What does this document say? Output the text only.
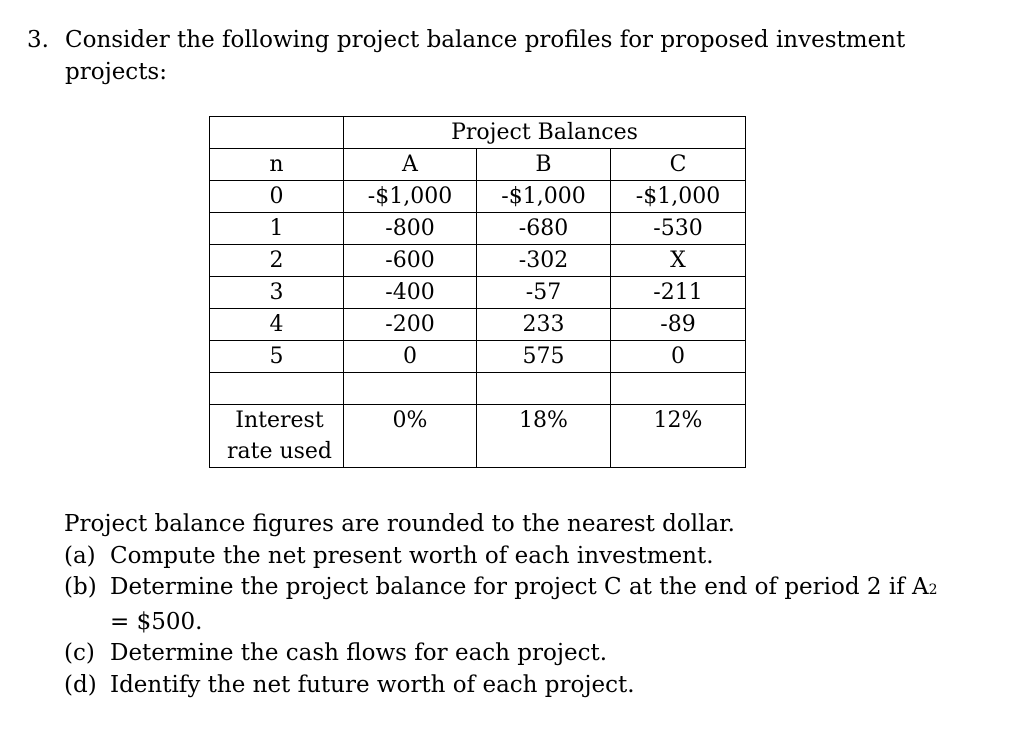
3. Consider the following project balance profiles for proposed investment projects:
	Project Balances		
n	A	B	C
0	-$1,000	-$1,000	-$1,000
1	-800	-680	-530
2	-600	-302	X
3	-400	-57	-211
4	-200	233	-89
5	0	575	0

Interest
rate used	0%	18%	12%
Project balance figures are rounded to the nearest dollar.
(a) Compute the net present worth of each investment.
(b) Determine the project balance for project C at the end of period 2 if A2 = $500.
(c) Determine the cash flows for each project.
(d) Identify the net future worth of each project.
